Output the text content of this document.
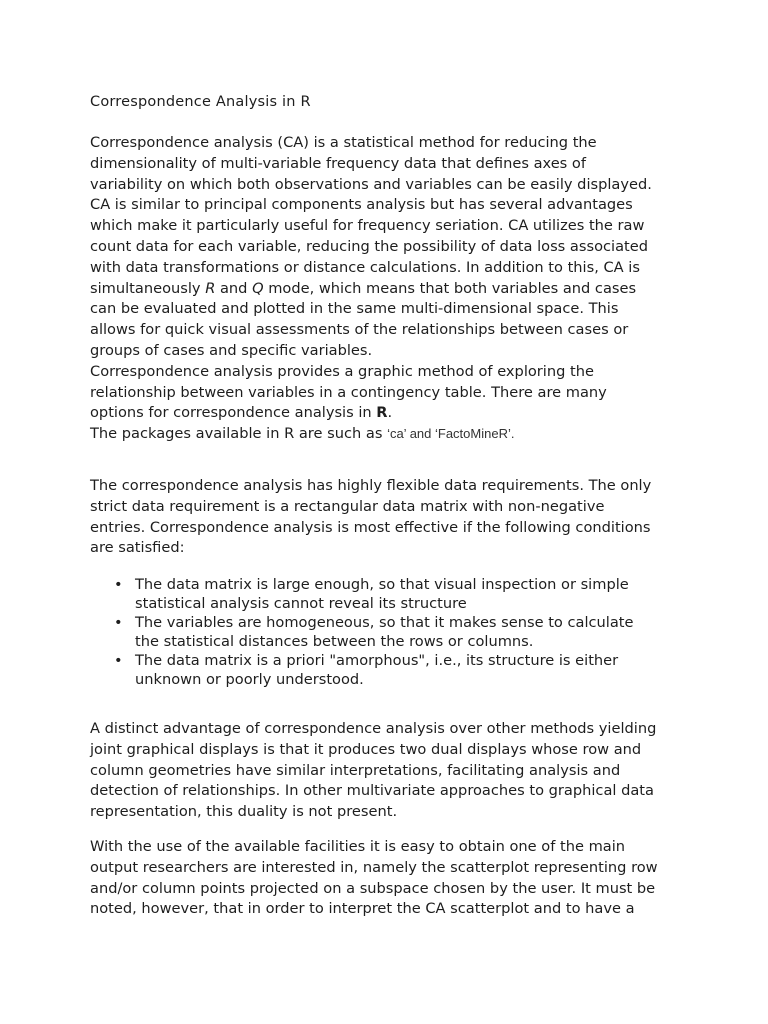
Correspondence Analysis in R
Correspondence analysis (CA) is a statistical method for reducing the
dimensionality of multi-variable frequency data that defines axes of
variability on which both observations and variables can be easily displayed.
CA is similar to principal components analysis but has several advantages
which make it particularly useful for frequency seriation. CA utilizes the raw
count data for each variable, reducing the possibility of data loss associated
with data transformations or distance calculations. In addition to this, CA is
simultaneously R and Q mode, which means that both variables and cases
can be evaluated and plotted in the same multi-dimensional space. This
allows for quick visual assessments of the relationships between cases or
groups of cases and specific variables.
Correspondence analysis provides a graphic method of exploring the
relationship between variables in a contingency table. There are many
options for correspondence analysis in R.
The packages available in R are such as ‘ca’ and ‘FactoMineR’.
The correspondence analysis has highly flexible data requirements. The only
strict data requirement is a rectangular data matrix with non-negative
entries. Correspondence analysis is most effective if the following conditions
are satisfied:
• The data matrix is large enough, so that visual inspection or simple
statistical analysis cannot reveal its structure
• The variables are homogeneous, so that it makes sense to calculate
the statistical distances between the rows or columns.
• The data matrix is a priori "amorphous", i.e., its structure is either
unknown or poorly understood.
A distinct advantage of correspondence analysis over other methods yielding
joint graphical displays is that it produces two dual displays whose row and
column geometries have similar interpretations, facilitating analysis and
detection of relationships. In other multivariate approaches to graphical data
representation, this duality is not present.
With the use of the available facilities it is easy to obtain one of the main
output researchers are interested in, namely the scatterplot representing row
and/or column points projected on a subspace chosen by the user. It must be
noted, however, that in order to interpret the CA scatterplot and to have a
